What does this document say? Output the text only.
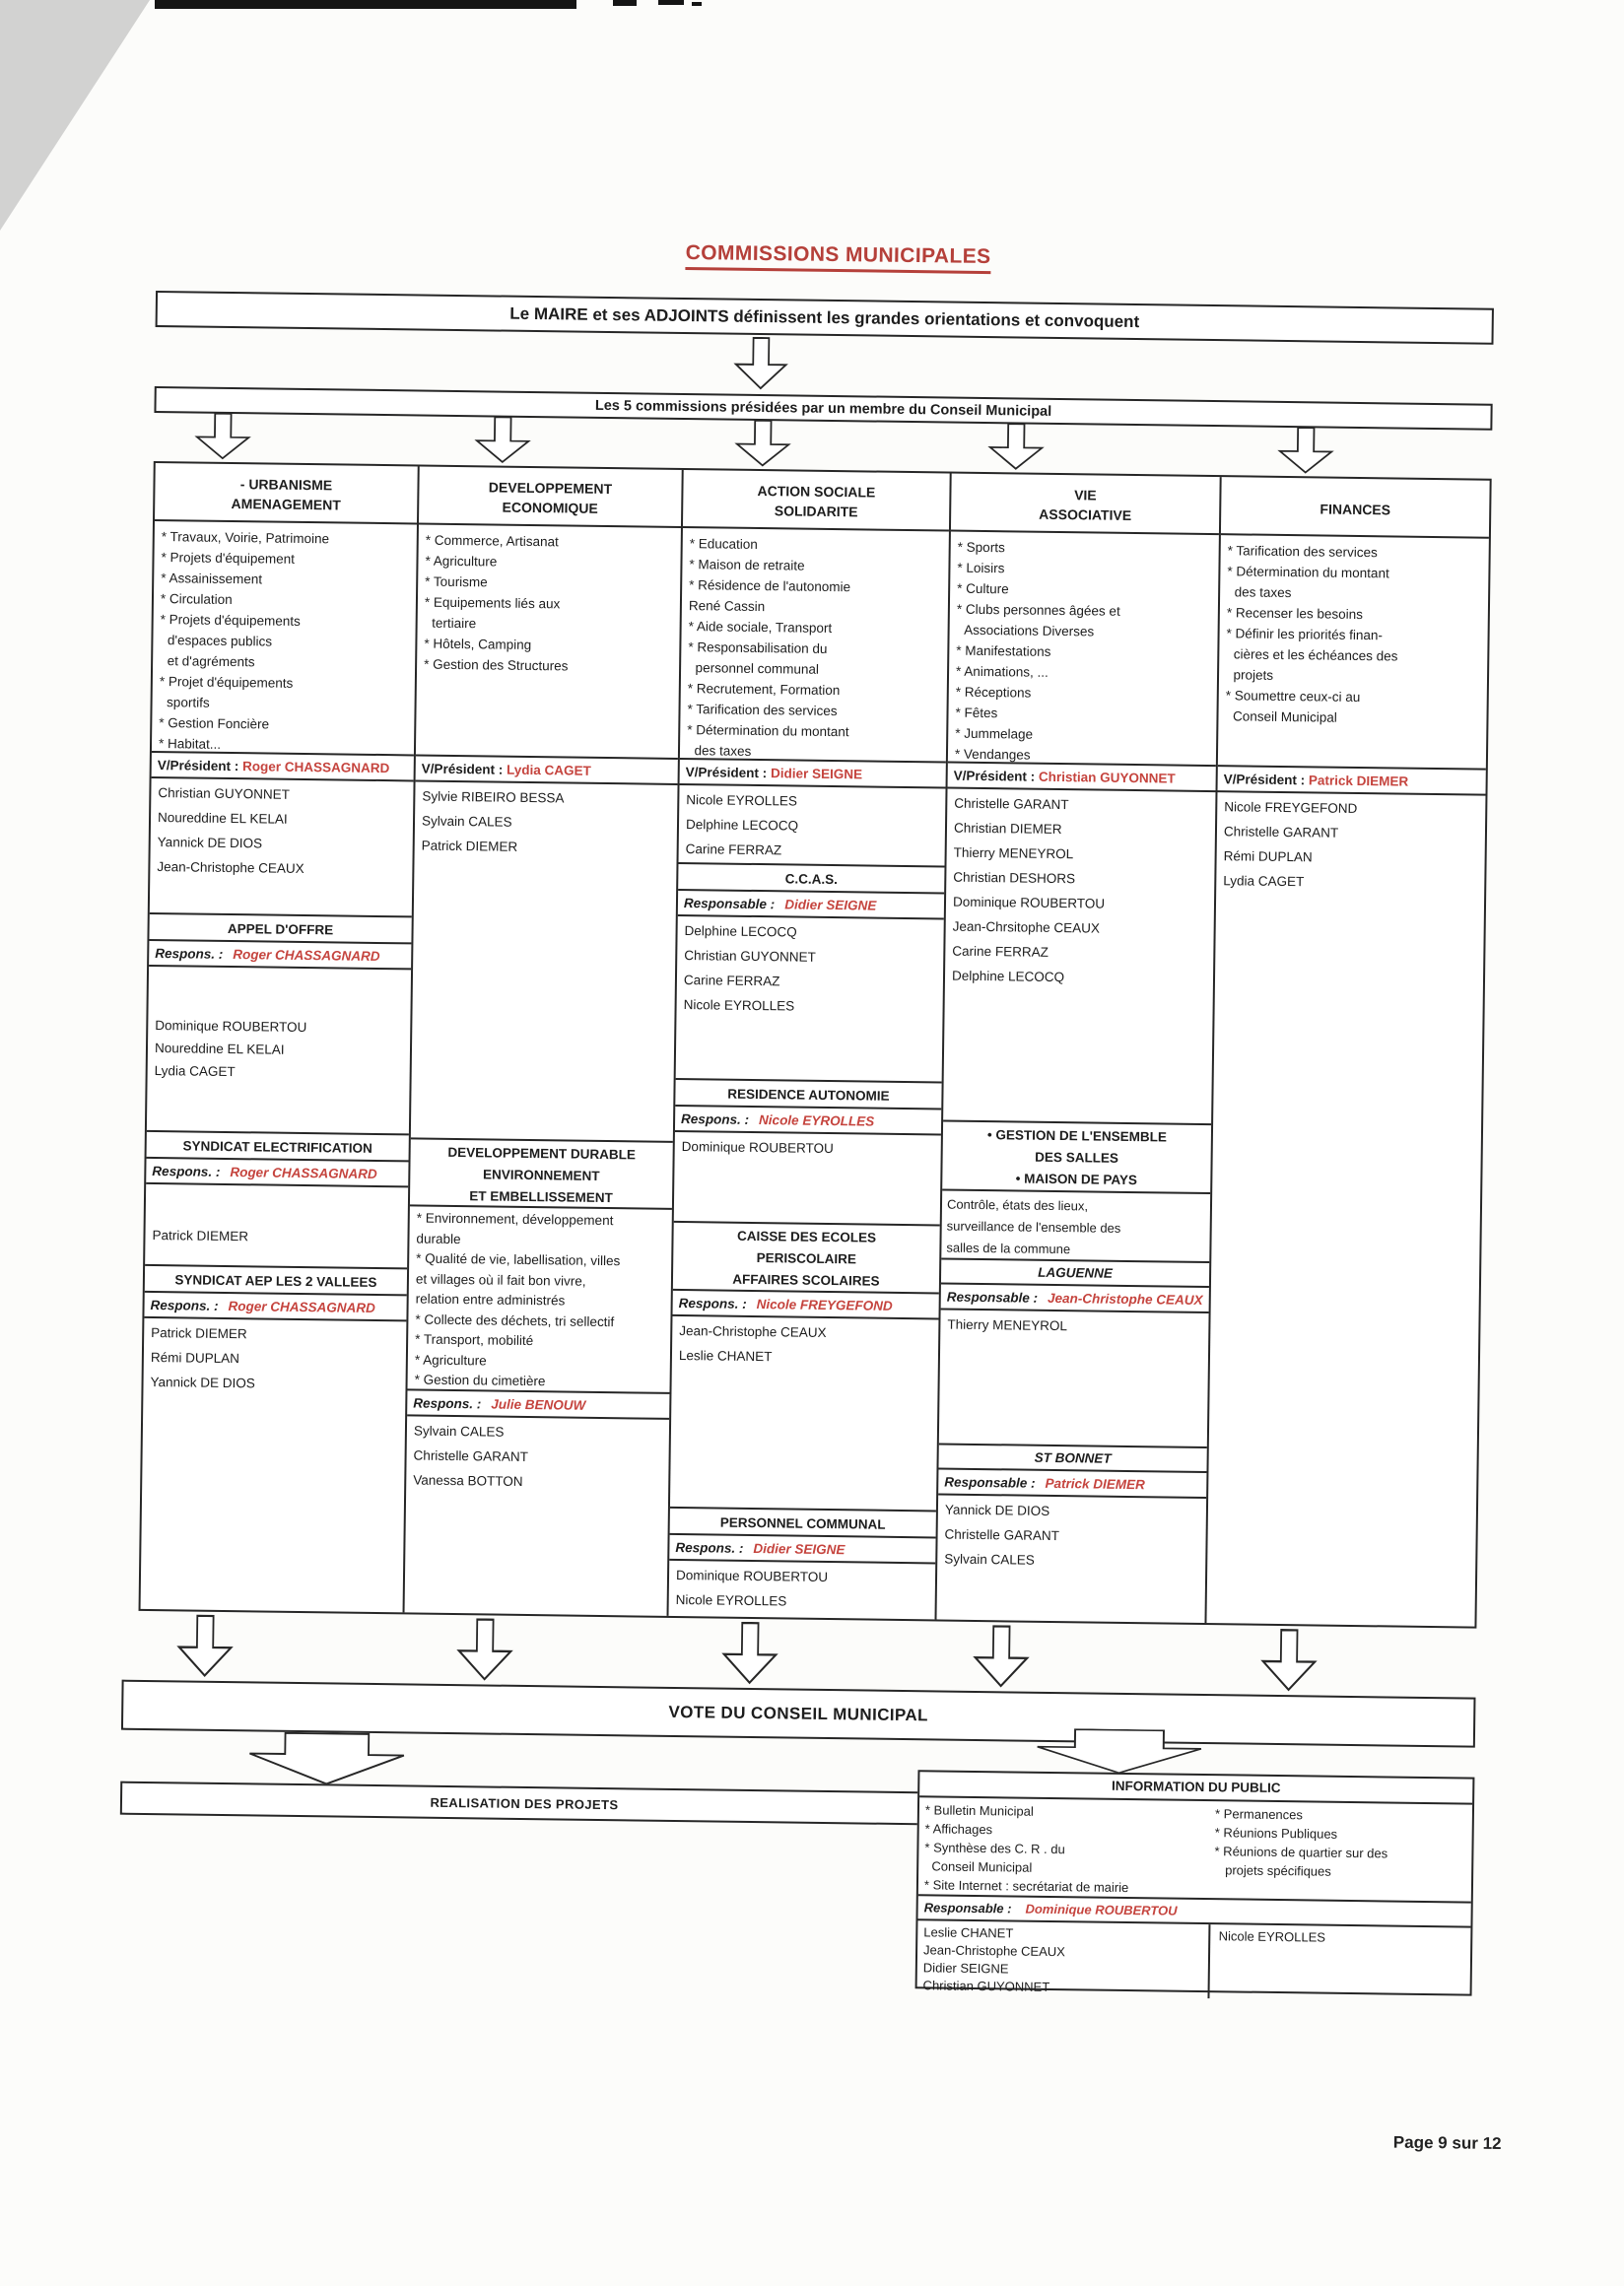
COMMISSIONS MUNICIPALES
Le MAIRE et ses ADJOINTS définissent les grandes orientations et convoquent
Les 5 commissions présidées par un membre du Conseil Municipal
- URBANISME
AMENAGEMENT
* Travaux, Voirie, Patrimoine
* Projets d'équipement
* Assainissement
* Circulation
* Projets d'équipements
d'espaces publics
et d'agréments
* Projet d'équipements
sportifs
* Gestion Foncière
* Habitat...
V/Président : Roger CHASSAGNARD
Christian GUYONNET
Noureddine EL KELAI
Yannick DE DIOS
Jean-Christophe CEAUX
APPEL D'OFFRE
Respons. : Roger CHASSAGNARD

Dominique ROUBERTOU
Noureddine EL KELAI
Lydia CAGET

SYNDICAT ELECTRIFICATION
Respons. : Roger CHASSAGNARD

Patrick DIEMER

SYNDICAT AEP LES 2 VALLEES
Respons. : Roger CHASSAGNARD
Patrick DIEMER
Rémi DUPLAN
Yannick DE DIOS
DEVELOPPEMENT
ECONOMIQUE
* Commerce, Artisanat
* Agriculture
* Tourisme
* Equipements liés aux
tertiaire
* Hôtels, Camping
* Gestion des Structures
V/Président : Lydia CAGET
Sylvie RIBEIRO BESSA
Sylvain CALES
Patrick DIEMER
DEVELOPPEMENT DURABLE
ENVIRONNEMENT
ET EMBELLISSEMENT
* Environnement, développement
durable
* Qualité de vie, labellisation, villes
et villages où il fait bon vivre,
relation entre administrés
* Collecte des déchets, tri sellectif
* Transport, mobilité
* Agriculture
* Gestion du cimetière
Respons. : Julie BENOUW
Sylvain CALES
Christelle GARANT
Vanessa BOTTON
ACTION SOCIALE
SOLIDARITE
* Education
* Maison de retraite
* Résidence de l'autonomie
René Cassin
* Aide sociale, Transport
* Responsabilisation du
personnel communal
* Recrutement, Formation
* Tarification des services
* Détermination du montant
des taxes
V/Président : Didier SEIGNE
Nicole EYROLLES
Delphine LECOCQ
Carine FERRAZ
C.C.A.S.
Responsable : Didier SEIGNE
Delphine LECOCQ
Christian GUYONNET
Carine FERRAZ
Nicole EYROLLES
RESIDENCE AUTONOMIE
Respons. : Nicole EYROLLES
Dominique ROUBERTOU
CAISSE DES ECOLES
PERISCOLAIRE
AFFAIRES SCOLAIRES
Respons. : Nicole FREYGEFOND
Jean-Christophe CEAUX
Leslie CHANET
PERSONNEL COMMUNAL
Respons. : Didier SEIGNE
Dominique ROUBERTOU
Nicole EYROLLES
VIE
ASSOCIATIVE
* Sports
* Loisirs
* Culture
* Clubs personnes âgées et
Associations Diverses
* Manifestations
* Animations, ...
* Réceptions
* Fêtes
* Jummelage
* Vendanges
V/Président : Christian GUYONNET
Christelle GARANT
Christian DIEMER
Thierry MENEYROL
Christian DESHORS
Dominique ROUBERTOU
Jean-Chrsitophe CEAUX
Carine FERRAZ
Delphine LECOCQ
• GESTION DE L'ENSEMBLE
DES SALLES
• MAISON DE PAYS
Contrôle, états des lieux,
surveillance de l'ensemble des
salles de la commune
LAGUENNE
Responsable : Jean-Christophe CEAUX
Thierry MENEYROL
ST BONNET
Responsable : Patrick DIEMER
Yannick DE DIOS
Christelle GARANT
Sylvain CALES
FINANCES
* Tarification des services
* Détermination du montant
des taxes
* Recenser les besoins
* Définir les priorités finan-
cières et les échéances des
projets
* Soumettre ceux-ci au
Conseil Municipal
V/Président : Patrick DIEMER
Nicole FREYGEFOND
Christelle GARANT
Rémi DUPLAN
Lydia CAGET
VOTE DU CONSEIL MUNICIPAL
REALISATION DES PROJETS
INFORMATION DU PUBLIC
* Bulletin Municipal
* Affichages
* Synthèse des C. R . du
Conseil Municipal
* Site Internet : secrétariat de mairie
* Permanences
* Réunions Publiques
* Réunions de quartier sur des
projets spécifiques
Responsable : Dominique ROUBERTOU
Leslie CHANET
Jean-Christophe CEAUX
Didier SEIGNE
Christian GUYONNET
Nicole EYROLLES
Page 9 sur 12
